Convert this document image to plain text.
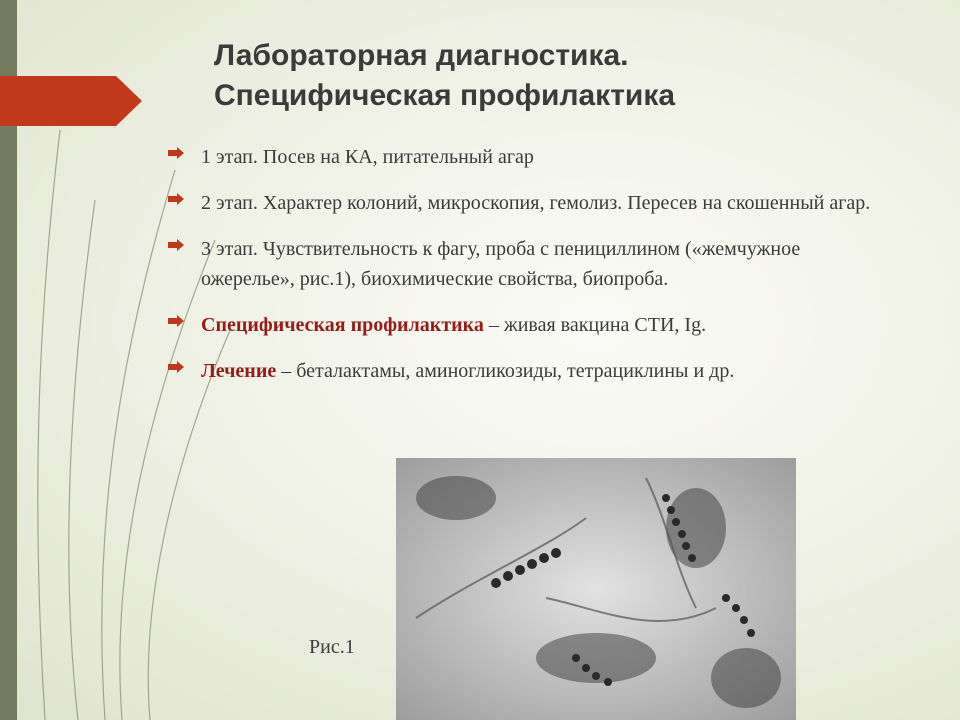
Лабораторная диагностика.
Специфическая профилактика
1 этап. Посев на КА, питательный агар
2 этап. Характер колоний, микроскопия, гемолиз. Пересев на скошенный агар.
3 этап. Чувствительность к фагу, проба с пенициллином («жемчужное ожерелье», рис.1), биохимические свойства, биопроба.
Специфическая профилактика – живая вакцина СТИ, Ig.
Лечение – беталактамы, аминогликозиды, тетрациклины и др.
Рис.1
